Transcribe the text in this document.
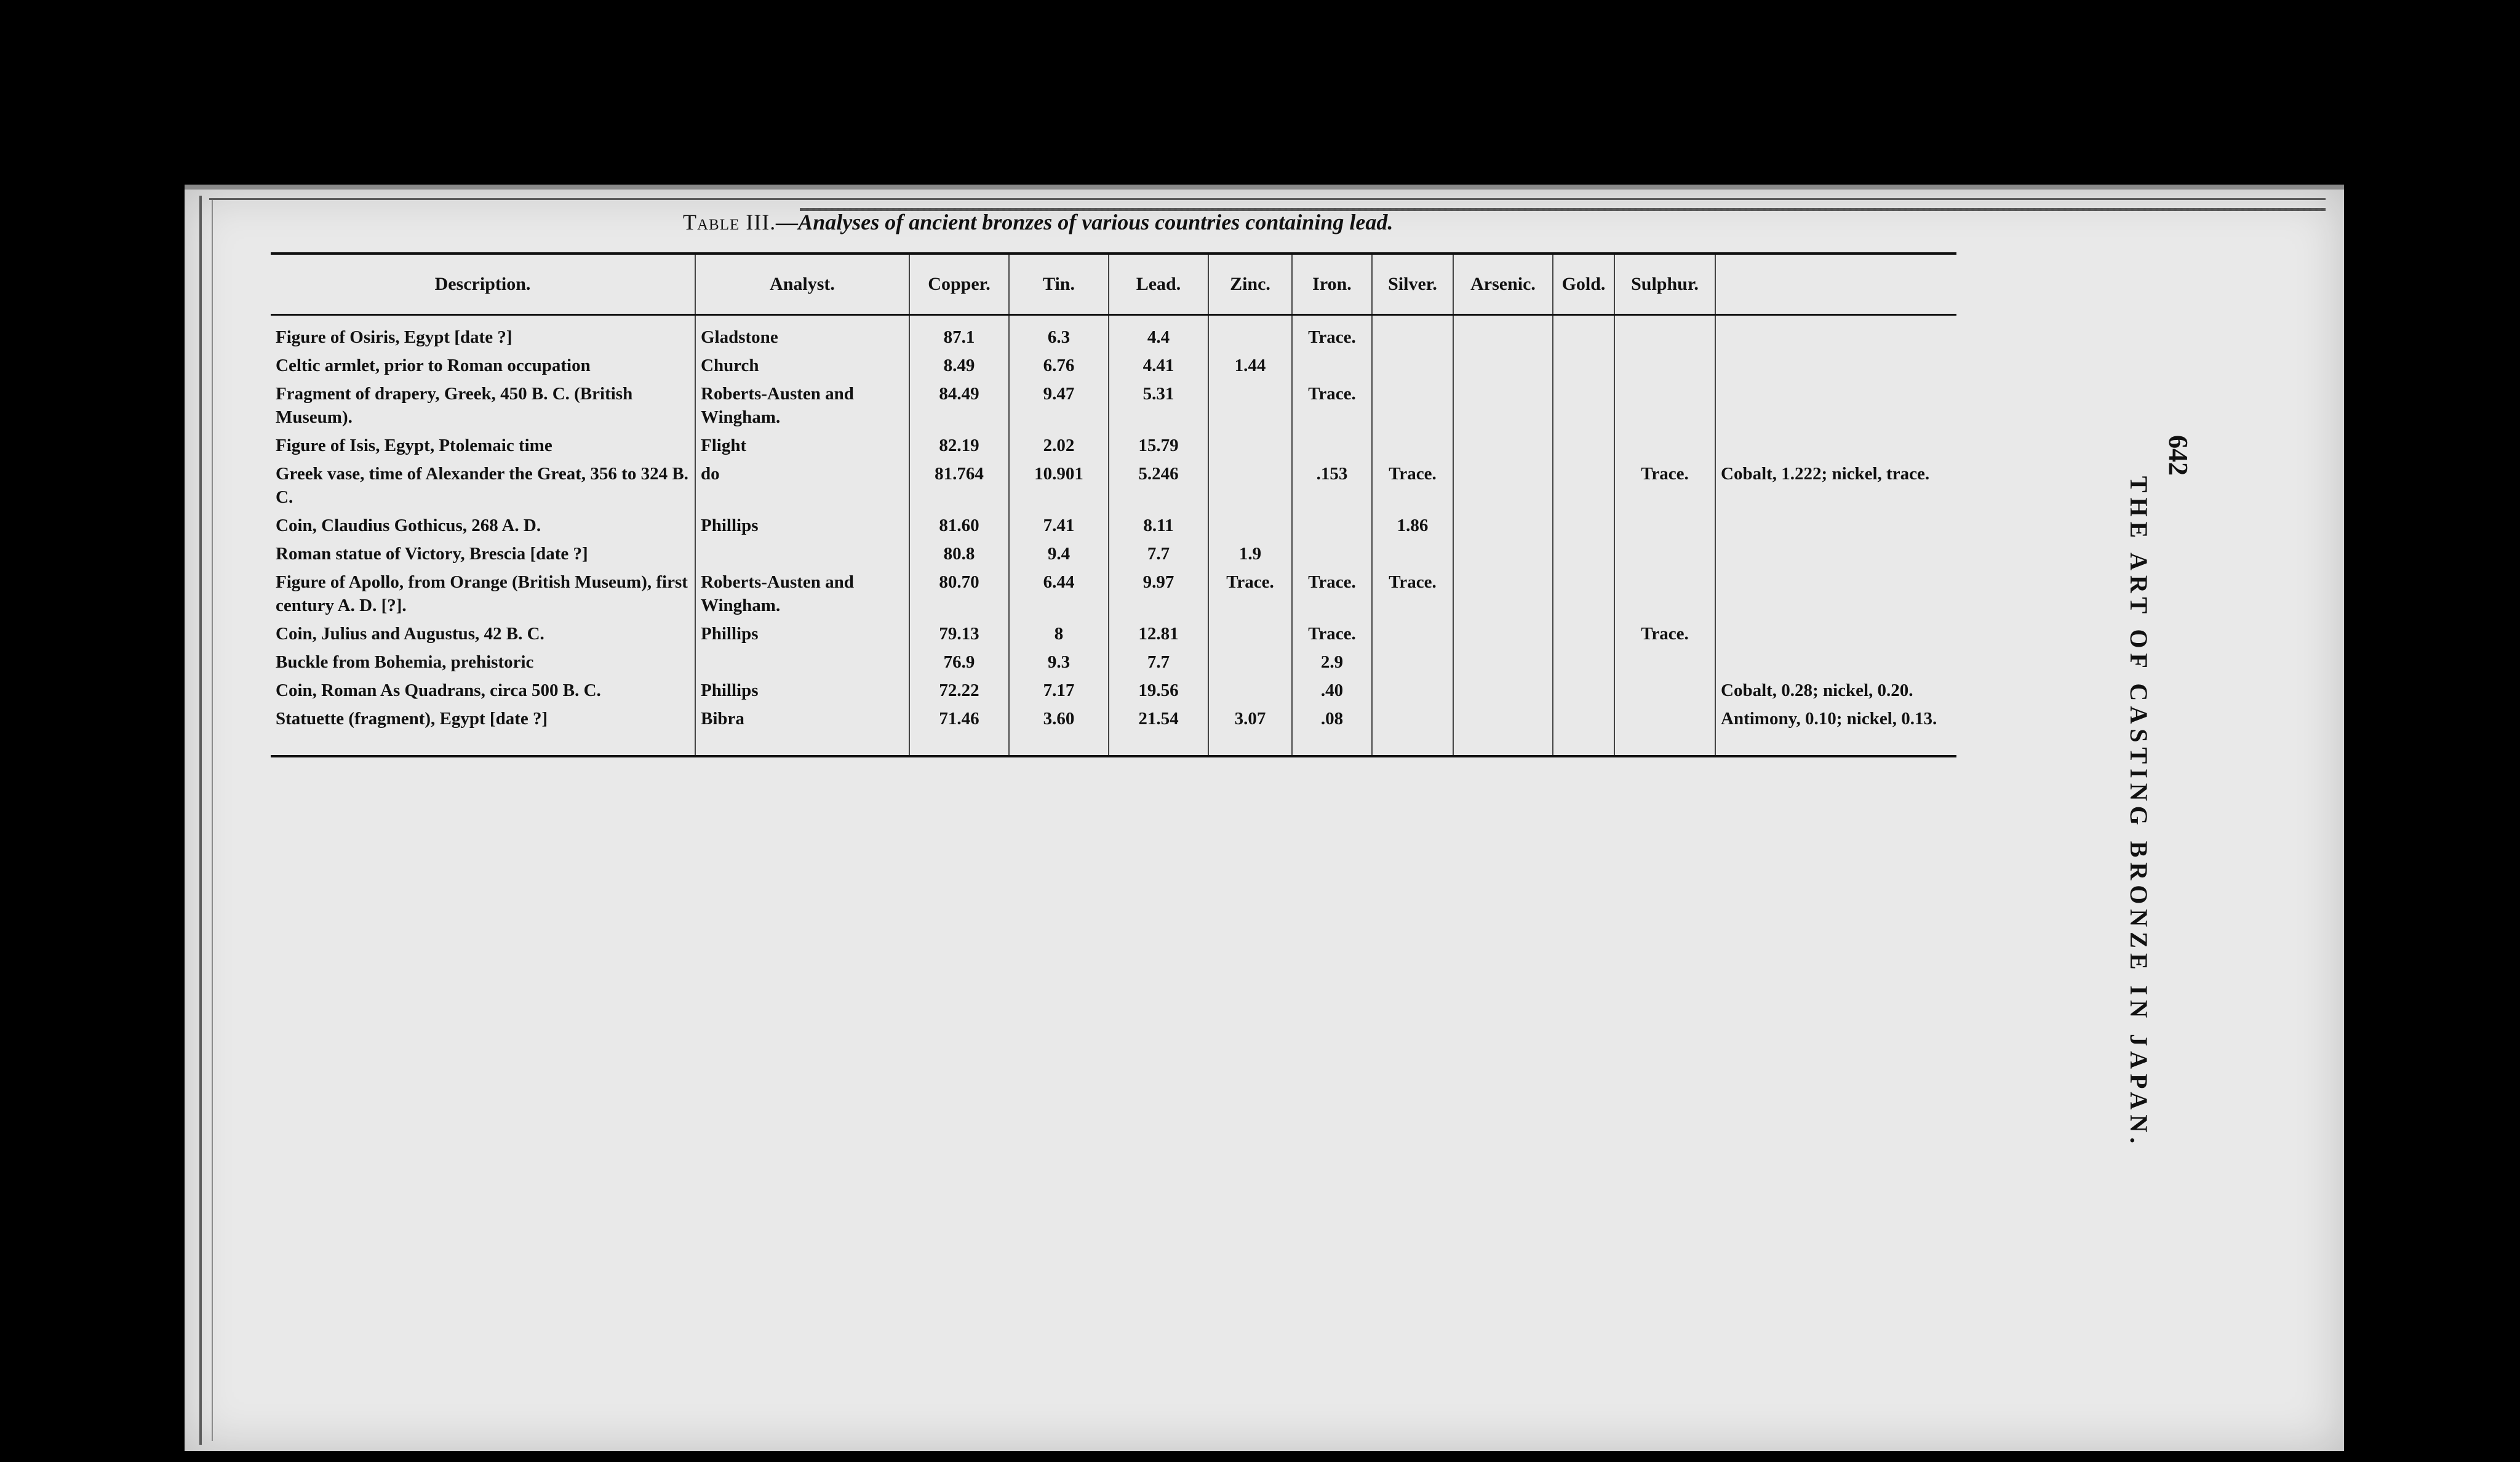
Table III.—Analyses of ancient bronzes of various countries containing lead.
Description.	Analyst.	Copper.	Tin.	Lead.	Zinc.	Iron.	Silver.	Arsenic.	Gold.	Sulphur.	
Figure of Osiris, Egypt [date ?]	Gladstone	87.1	6.3	4.4		Trace.					
Celtic armlet, prior to Roman occupation	Church	8.49	6.76	4.41	1.44						
Fragment of drapery, Greek, 450 B. C. (British Museum).	Roberts-Austen and Wingham.	84.49	9.47	5.31		Trace.					
Figure of Isis, Egypt, Ptolemaic time	Flight	82.19	2.02	15.79							
Greek vase, time of Alexander the Great, 356 to 324 B. C.	do	81.764	10.901	5.246		.153	Trace.			Trace.	Cobalt, 1.222; nickel, trace.
Coin, Claudius Gothicus, 268 A. D.	Phillips	81.60	7.41	8.11			1.86				
Roman statue of Victory, Brescia [date ?]		80.8	9.4	7.7	1.9						
Figure of Apollo, from Orange (British Museum), first century A. D. [?].	Roberts-Austen and Wingham.	80.70	6.44	9.97	Trace.	Trace.	Trace.				
Coin, Julius and Augustus, 42 B. C.	Phillips	79.13	8	12.81		Trace.				Trace.	
Buckle from Bohemia, prehistoric		76.9	9.3	7.7		2.9					
Coin, Roman As Quadrans, circa 500 B. C.	Phillips	72.22	7.17	19.56		.40					Cobalt, 0.28; nickel, 0.20.
Statuette (fragment), Egypt [date ?]	Bibra	71.46	3.60	21.54	3.07	.08					Antimony, 0.10; nickel, 0.13.
642
THE ART OF CASTING BRONZE IN JAPAN.
